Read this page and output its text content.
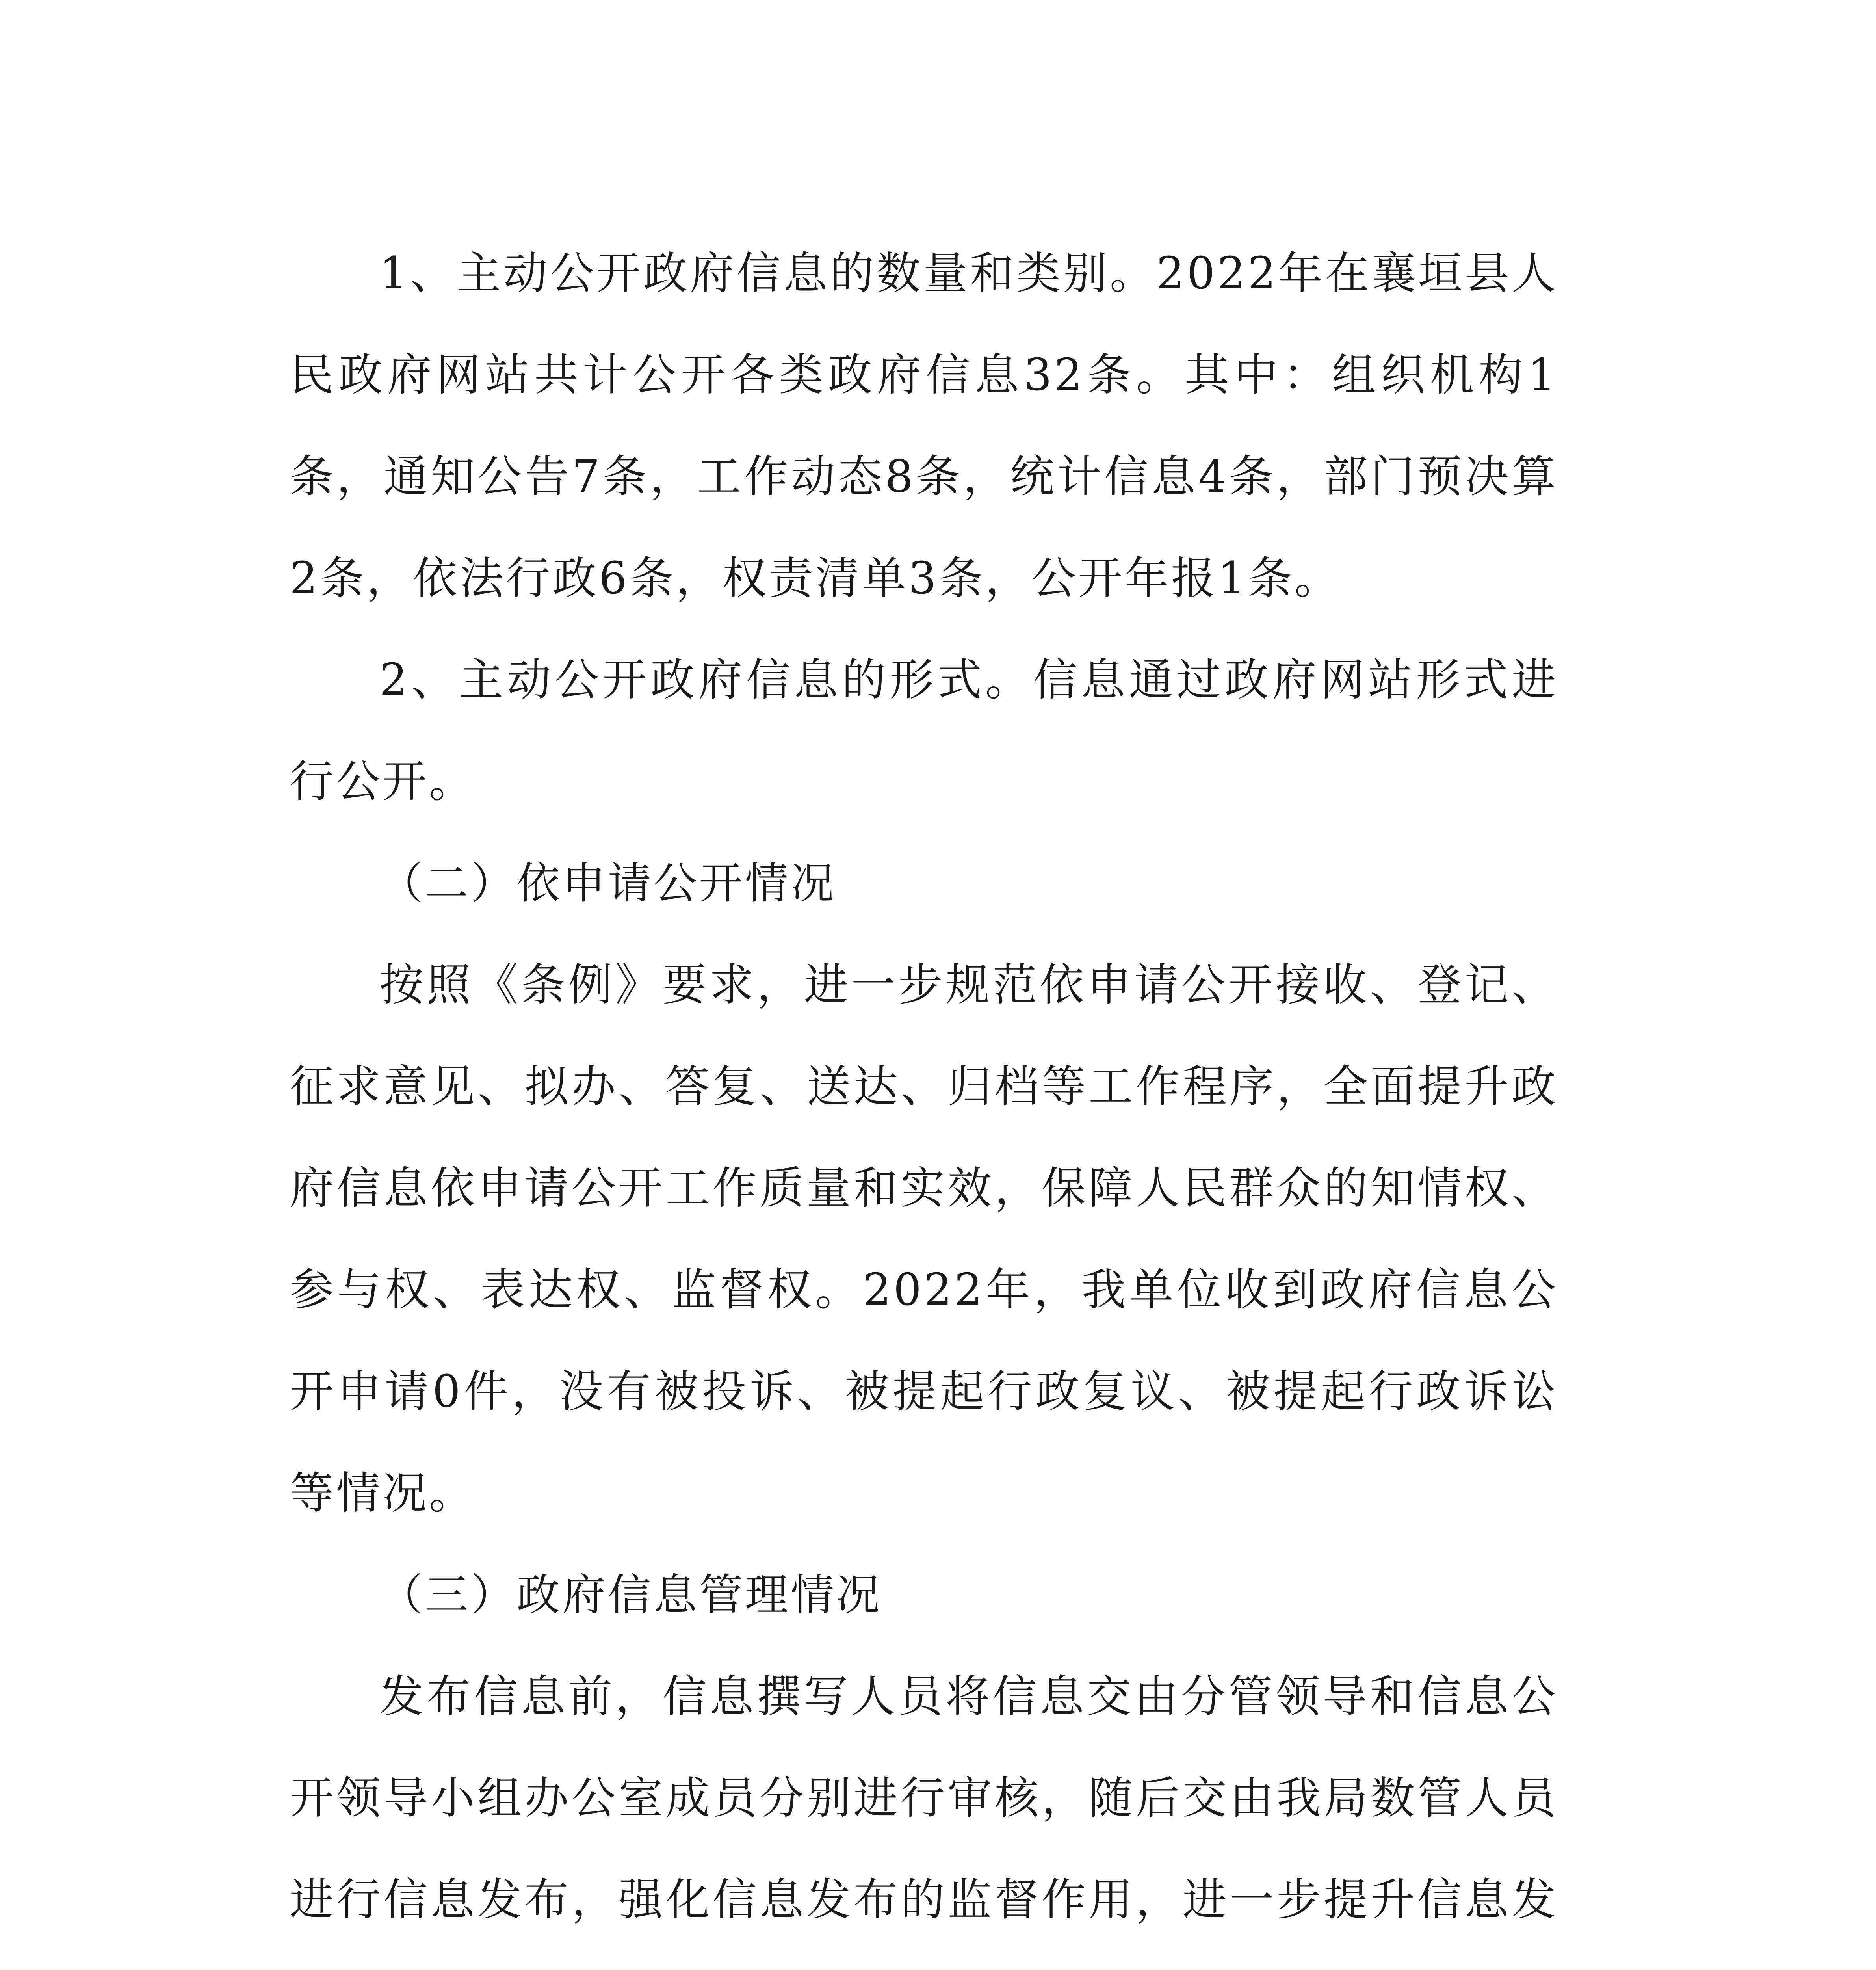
1、主动公开政府信息的数量和类别。2022年在襄垣县人民政府网站共计公开各类政府信息32条。其中：组织机构1条，通知公告7条，工作动态8条，统计信息4条，部门预决算2条，依法行政6条，权责清单3条，公开年报1条。

2、主动公开政府信息的形式。信息通过政府网站形式进行公开。

（二）依申请公开情况

按照《条例》要求，进一步规范依申请公开接收、登记、征求意见、拟办、答复、送达、归档等工作程序，全面提升政府信息依申请公开工作质量和实效，保障人民群众的知情权、参与权、表达权、监督权。2022年，我单位收到政府信息公开申请0件，没有被投诉、被提起行政复议、被提起行政诉讼等情况。

（三）政府信息管理情况

发布信息前，信息撰写人员将信息交由分管领导和信息公开领导小组办公室成员分别进行审核，随后交由我局数管人员进行信息发布，强化信息发布的监督作用，进一步提升信息发
